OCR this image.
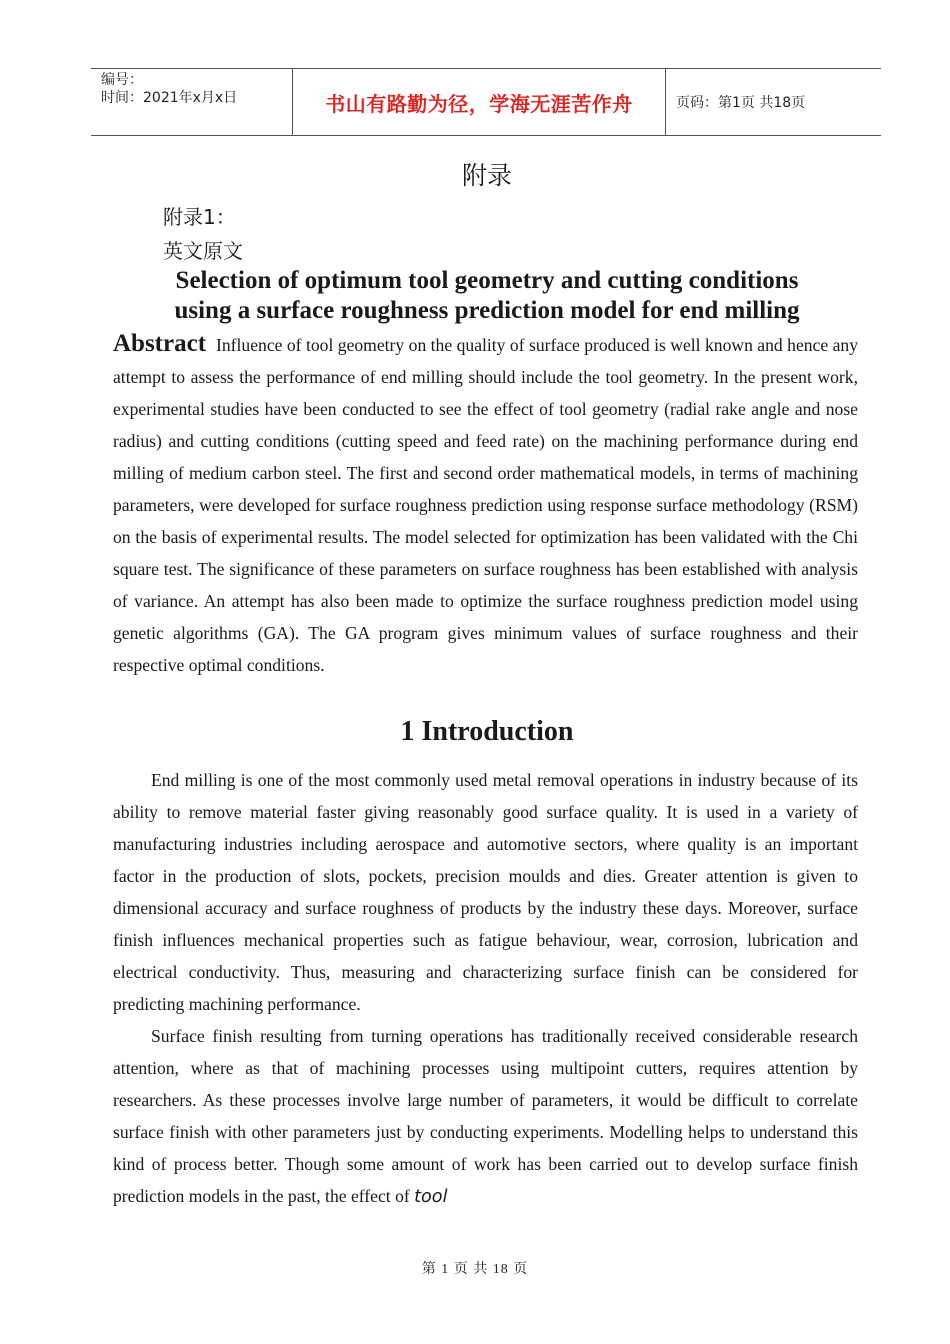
编号：
时间：2021年x月x日	书山有路勤为径，学海无涯苦作舟	页码：第1页 共18页
附录
附录1：
英文原文
Selection of optimum tool geometry and cutting conditions
using a surface roughness prediction model for end milling

Abstract Influence of tool geometry on the quality of surface produced is well known and hence any attempt to assess the performance of end milling should include the tool geometry. In the present work, experimental studies have been conducted to see the effect of tool geometry (radial rake angle and nose radius) and cutting conditions (cutting speed and feed rate) on the machining performance during end milling of medium carbon steel. The first and second order mathematical models, in terms of machining parameters, were developed for surface roughness prediction using response surface methodology (RSM) on the basis of experimental results. The model selected for optimization has been validated with the Chi square test. The significance of these parameters on surface roughness has been established with analysis of variance. An attempt has also been made to optimize the surface roughness prediction model using genetic algorithms (GA). The GA program gives minimum values of surface roughness and their respective optimal conditions.

1 Introduction

End milling is one of the most commonly used metal removal operations in industry because of its ability to remove material faster giving reasonably good surface quality. It is used in a variety of manufacturing industries including aerospace and automotive sectors, where quality is an important factor in the production of slots, pockets, precision moulds and dies. Greater attention is given to dimensional accuracy and surface roughness of products by the industry these days. Moreover, surface finish influences mechanical properties such as fatigue behaviour, wear, corrosion, lubrication and electrical conductivity. Thus, measuring and characterizing surface finish can be considered for predicting machining performance.

Surface finish resulting from turning operations has traditionally received considerable research attention, where as that of machining processes using multipoint cutters, requires attention by researchers. As these processes involve large number of parameters, it would be difficult to correlate surface finish with other parameters just by conducting experiments. Modelling helps to understand this kind of process better. Though some amount of work has been carried out to develop surface finish prediction models in the past, the effect of tool

第 1 页 共 18 页
